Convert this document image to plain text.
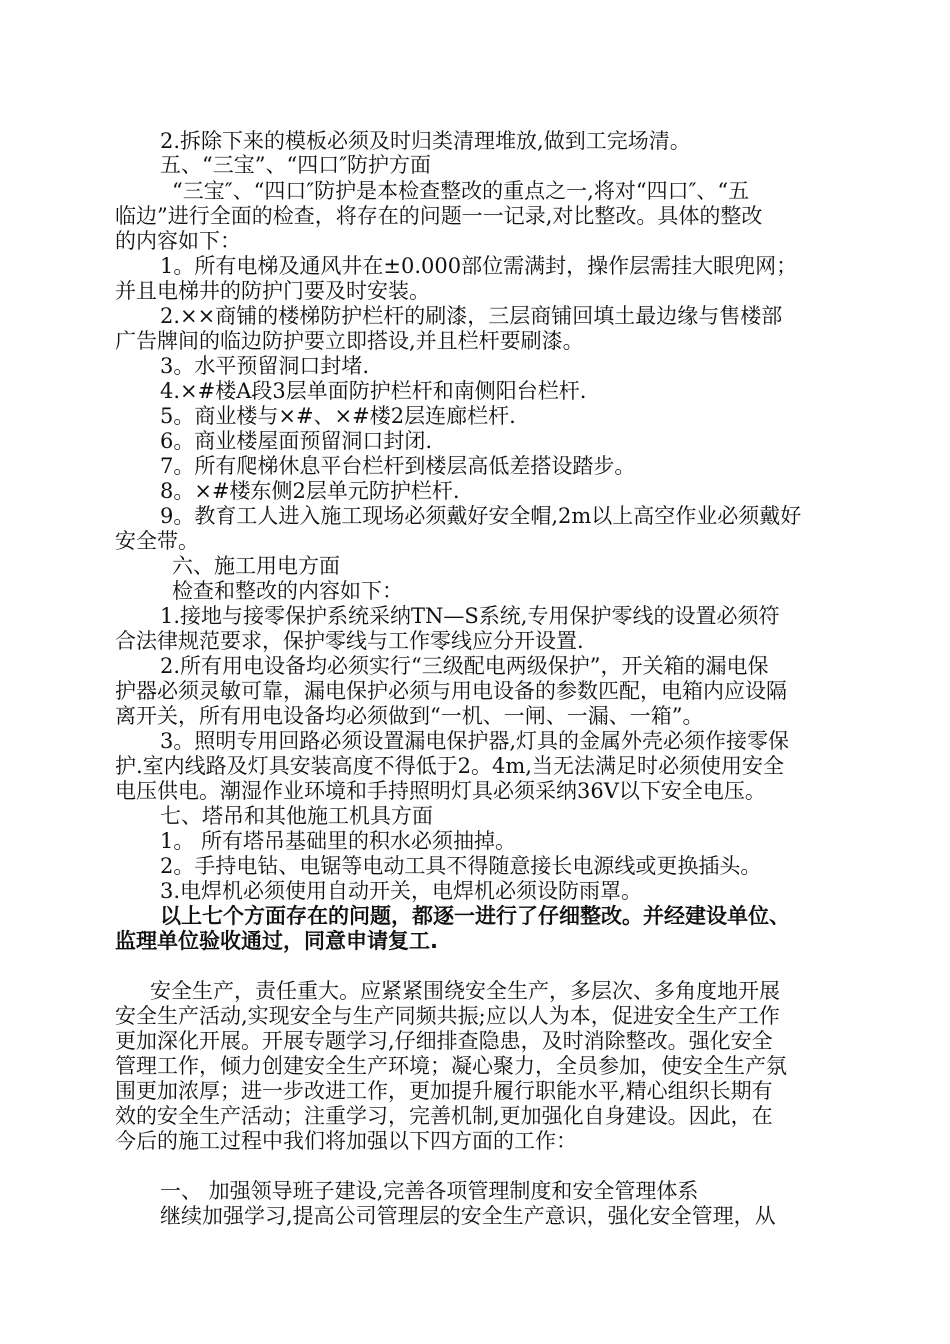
2.拆除下来的模板必须及时归类清理堆放,做到工完场清。
五、“三宝”、“四口″防护方面
“三宝″、“四口″防护是本检查整改的重点之一,将对“四口″、“五
临边”进行全面的检查，将存在的问题一一记录,对比整改。具体的整改
的内容如下：
1。所有电梯及通风井在±0.000部位需满封，操作层需挂大眼兜网；
并且电梯井的防护门要及时安装。
2.××商铺的楼梯防护栏杆的刷漆，三层商铺回填土最边缘与售楼部
广告牌间的临边防护要立即搭设,并且栏杆要刷漆。
3。水平预留洞口封堵.
4.×#楼A段3层单面防护栏杆和南侧阳台栏杆.
5。商业楼与×#、×#楼2层连廊栏杆.
6。商业楼屋面预留洞口封闭.
7。所有爬梯休息平台栏杆到楼层高低差搭设踏步。
8。×#楼东侧2层单元防护栏杆.
9。教育工人进入施工现场必须戴好安全帽,2m以上高空作业必须戴好
安全带。
六、施工用电方面
检查和整改的内容如下：
1.接地与接零保护系统采纳TN—S系统,专用保护零线的设置必须符
合法律规范要求，保护零线与工作零线应分开设置.
2.所有用电设备均必须实行“三级配电两级保护”，开关箱的漏电保
护器必须灵敏可靠，漏电保护必须与用电设备的参数匹配，电箱内应设隔
离开关，所有用电设备均必须做到“一机、一闸、一漏、一箱”。
3。照明专用回路必须设置漏电保护器,灯具的金属外壳必须作接零保
护.室内线路及灯具安装高度不得低于2。4m,当无法满足时必须使用安全
电压供电。潮湿作业环境和手持照明灯具必须采纳36V以下安全电压。
七、塔吊和其他施工机具方面
1。 所有塔吊基础里的积水必须抽掉。
2。手持电钻、电锯等电动工具不得随意接长电源线或更换插头。
3.电焊机必须使用自动开关，电焊机必须设防雨罩。
以上七个方面存在的问题，都逐一进行了仔细整改。并经建设单位、
监理单位验收通过，同意申请复工.
安全生产，责任重大。应紧紧围绕安全生产，多层次、多角度地开展
安全生产活动,实现安全与生产同频共振;应以人为本，促进安全生产工作
更加深化开展。开展专题学习,仔细排查隐患，及时消除整改。强化安全
管理工作，倾力创建安全生产环境；凝心聚力，全员参加，使安全生产氛
围更加浓厚；进一步改进工作，更加提升履行职能水平,精心组织长期有
效的安全生产活动；注重学习，完善机制,更加强化自身建设。因此，在
今后的施工过程中我们将加强以下四方面的工作：
一、 加强领导班子建设,完善各项管理制度和安全管理体系
继续加强学习,提高公司管理层的安全生产意识，强化安全管理，从
